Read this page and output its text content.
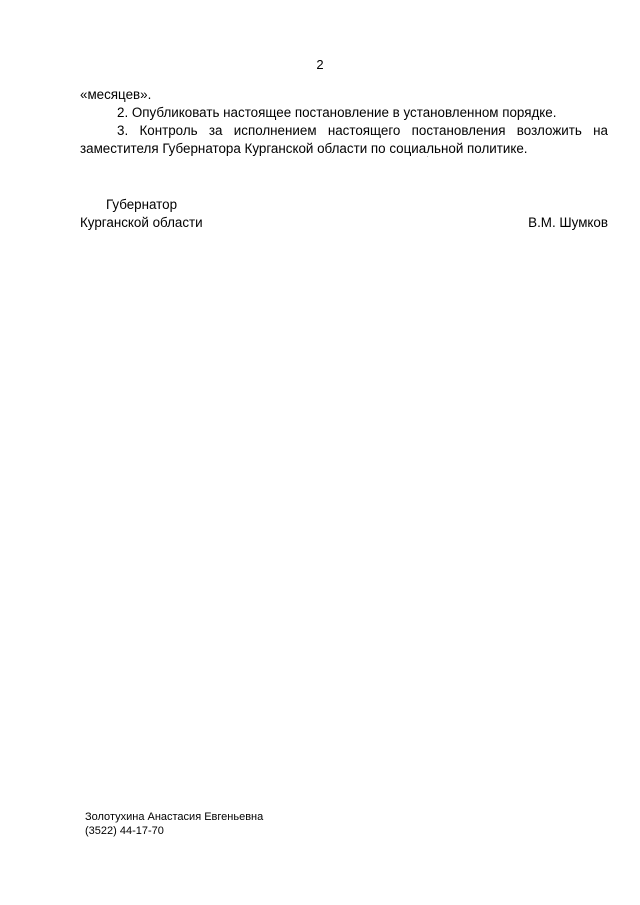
2

«месяцев».

2. Опубликовать настоящее постановление в установленном порядке.

3. Контроль за исполнением настоящего постановления возложить на заместителя Губернатора Курганской области по социальной политике.

Губернатор

Курганской области	В.М. Шумков
Золотухина Анастасия Евгеньевна
(3522) 44-17-70
